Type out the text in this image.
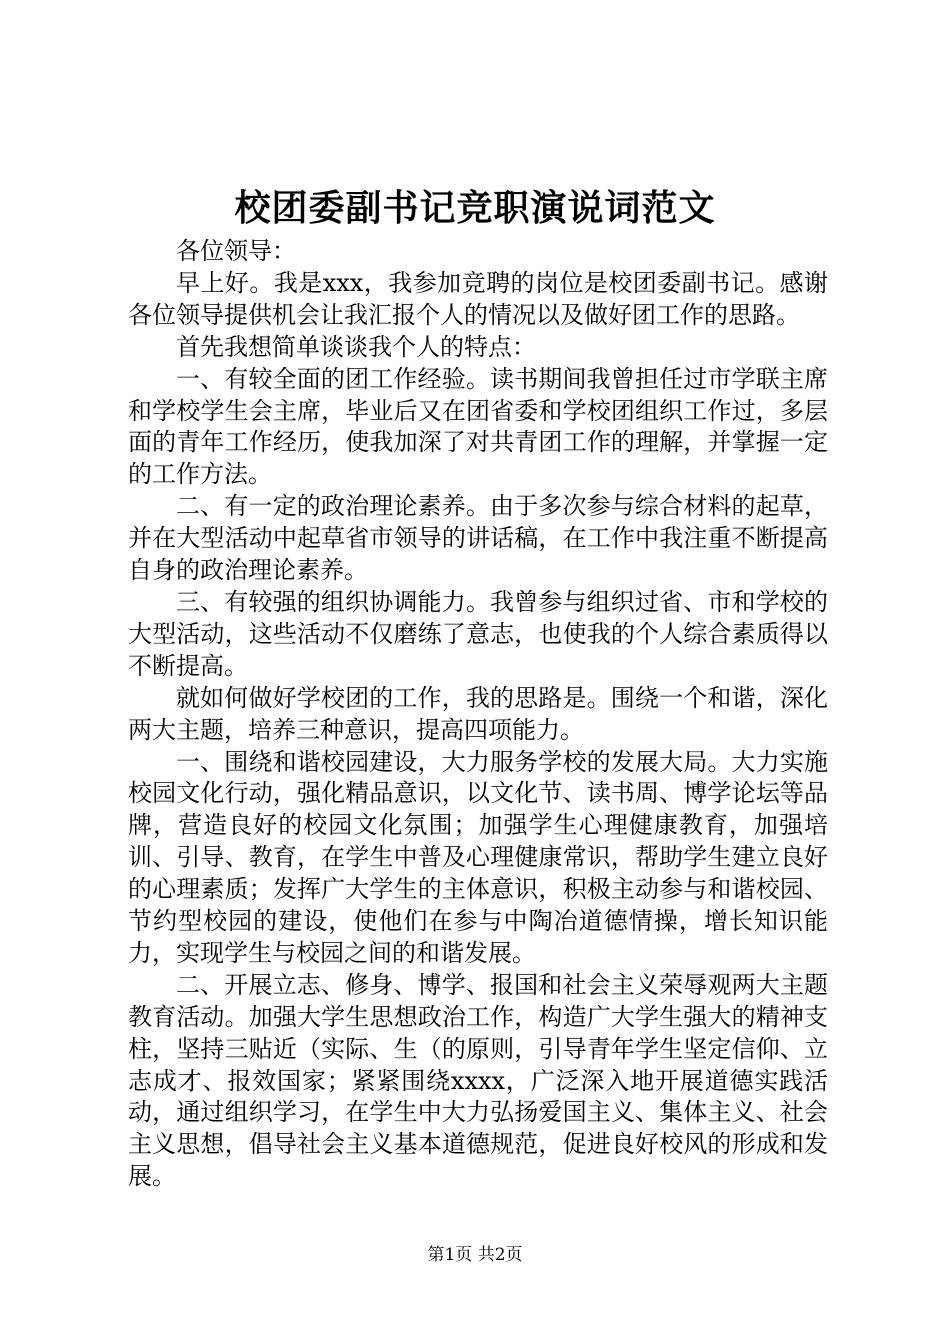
校团委副书记竞职演说词范文

各位领导：

早上好。我是xxx，我参加竞聘的岗位是校团委副书记。感谢各位领导提供机会让我汇报个人的情况以及做好团工作的思路。

首先我想简单谈谈我个人的特点：

一、有较全面的团工作经验。读书期间我曾担任过市学联主席和学校学生会主席，毕业后又在团省委和学校团组织工作过，多层面的青年工作经历，使我加深了对共青团工作的理解，并掌握一定的工作方法。

二、有一定的政治理论素养。由于多次参与综合材料的起草，并在大型活动中起草省市领导的讲话稿，在工作中我注重不断提高自身的政治理论素养。

三、有较强的组织协调能力。我曾参与组织过省、市和学校的大型活动，这些活动不仅磨练了意志，也使我的个人综合素质得以不断提高。

就如何做好学校团的工作，我的思路是。围绕一个和谐，深化两大主题，培养三种意识，提高四项能力。

一、围绕和谐校园建设，大力服务学校的发展大局。大力实施校园文化行动，强化精品意识，以文化节、读书周、博学论坛等品牌，营造良好的校园文化氛围；加强学生心理健康教育，加强培训、引导、教育，在学生中普及心理健康常识，帮助学生建立良好的心理素质；发挥广大学生的主体意识，积极主动参与和谐校园、节约型校园的建设，使他们在参与中陶冶道德情操，增长知识能力，实现学生与校园之间的和谐发展。

二、开展立志、修身、博学、报国和社会主义荣辱观两大主题教育活动。加强大学生思想政治工作，构造广大学生强大的精神支柱，坚持三贴近（实际、生（的原则，引导青年学生坚定信仰、立志成才、报效国家；紧紧围绕xxxx，广泛深入地开展道德实践活动，通过组织学习，在学生中大力弘扬爱国主义、集体主义、社会主义思想，倡导社会主义基本道德规范，促进良好校风的形成和发展。

第1页 共2页
